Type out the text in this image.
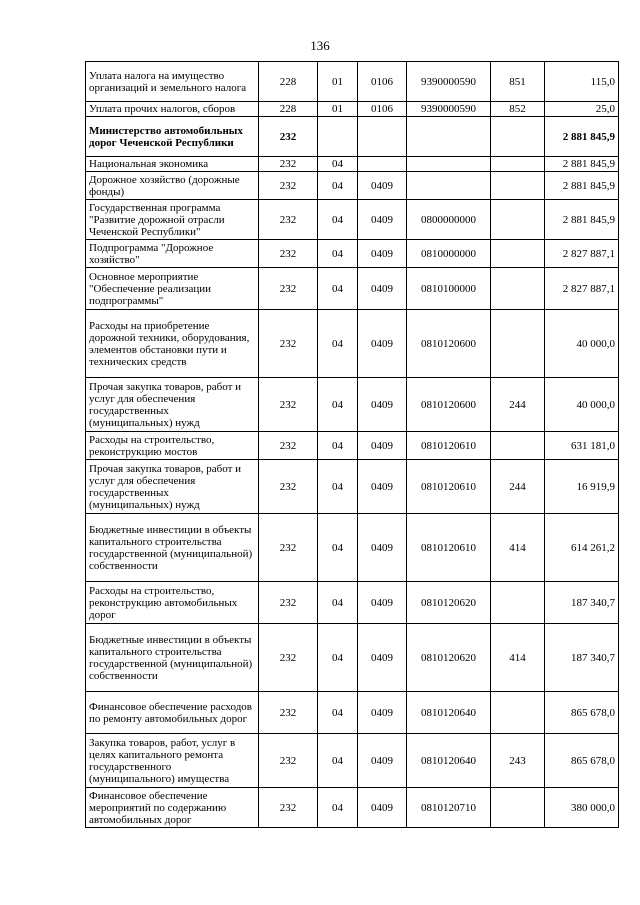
136
Уплата налога на имущество организаций и земельного налога	228	01	0106	9390000590	851	115,0
Уплата прочих налогов, сборов	228	01	0106	9390000590	852	25,0
Министерство автомобильных дорог Чеченской Республики	232					2 881 845,9
Национальная экономика	232	04				2 881 845,9
Дорожное хозяйство (дорожные фонды)	232	04	0409			2 881 845,9
Государственная программа "Развитие дорожной отрасли Чеченской Республики"	232	04	0409	0800000000		2 881 845,9
Подпрограмма "Дорожное хозяйство"	232	04	0409	0810000000		2 827 887,1
Основное мероприятие "Обеспечение реализации подпрограммы"	232	04	0409	0810100000		2 827 887,1
Расходы на приобретение дорожной техники, оборудования, элементов обстановки пути и технических средств	232	04	0409	0810120600		40 000,0
Прочая закупка товаров, работ и услуг для обеспечения государственных (муниципальных) нужд	232	04	0409	0810120600	244	40 000,0
Расходы на строительство, реконструкцию мостов	232	04	0409	0810120610		631 181,0
Прочая закупка товаров, работ и услуг для обеспечения государственных (муниципальных) нужд	232	04	0409	0810120610	244	16 919,9
Бюджетные инвестиции в объекты капитального строительства государственной (муниципальной) собственности	232	04	0409	0810120610	414	614 261,2
Расходы на строительство, реконструкцию автомобильных дорог	232	04	0409	0810120620		187 340,7
Бюджетные инвестиции в объекты капитального строительства государственной (муниципальной) собственности	232	04	0409	0810120620	414	187 340,7
Финансовое обеспечение расходов по ремонту автомобильных дорог	232	04	0409	0810120640		865 678,0
Закупка товаров, работ, услуг в целях капитального ремонта государственного (муниципального) имущества	232	04	0409	0810120640	243	865 678,0
Финансовое обеспечение мероприятий по содержанию автомобильных дорог	232	04	0409	0810120710		380 000,0
